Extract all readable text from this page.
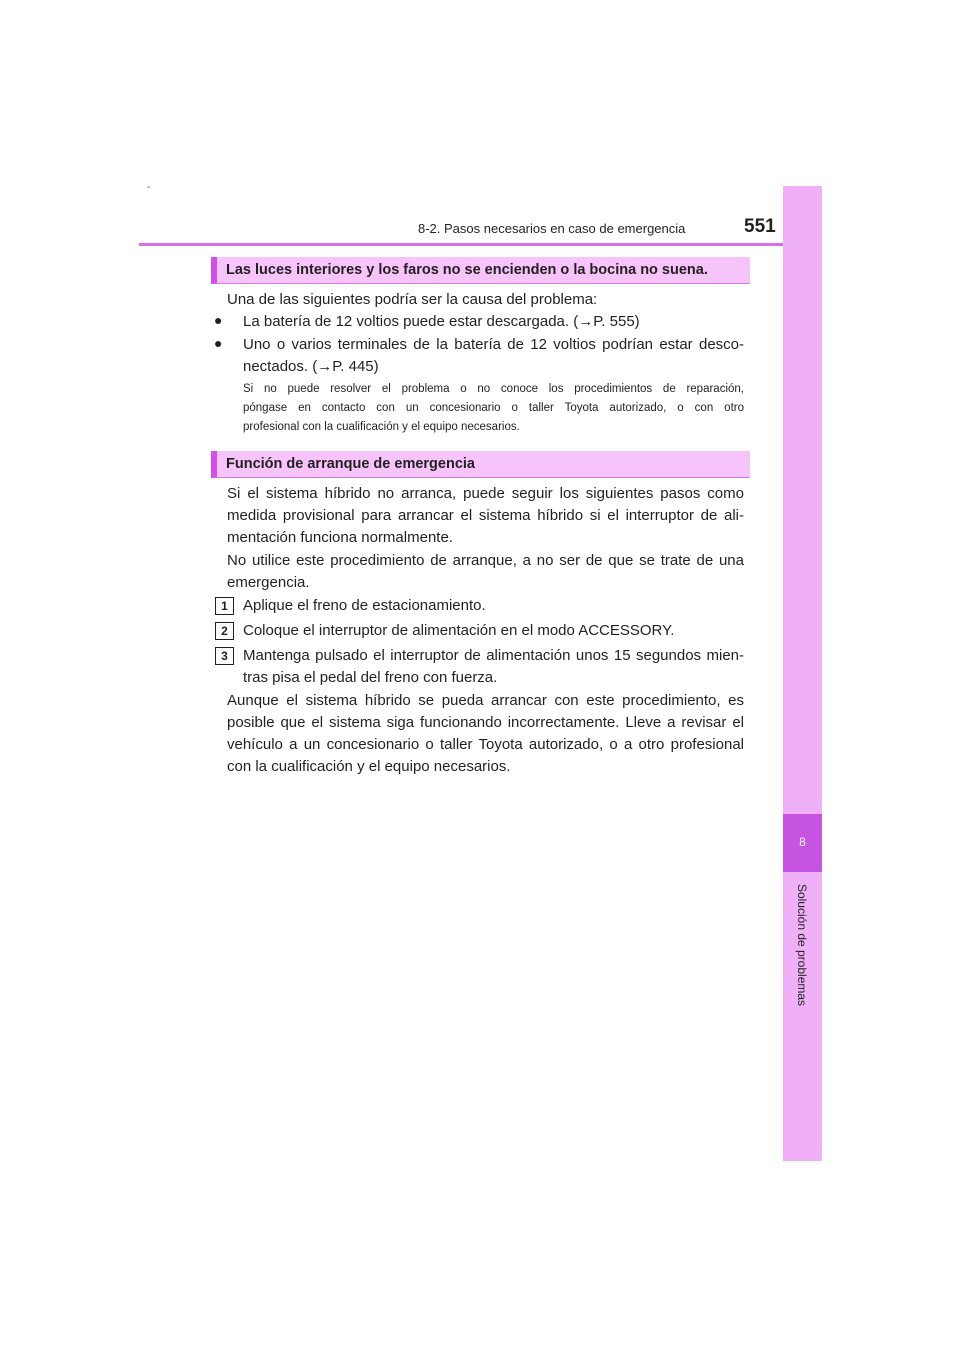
-
8-2. Pasos necesarios en caso de emergencia	551
8
Solución de problemas
Las luces interiores y los faros no se encienden o la bocina no suena.
Una de las siguientes podría ser la causa del problema:
● La batería de 12 voltios puede estar descargada. (→P. 555)
● Uno o varios terminales de la batería de 12 voltios podrían estar desco-
nectados. (→P. 445)
Si no puede resolver el problema o no conoce los procedimientos de reparación,
póngase en contacto con un concesionario o taller Toyota autorizado, o con otro
profesional con la cualificación y el equipo necesarios.
Función de arranque de emergencia
Si el sistema híbrido no arranca, puede seguir los siguientes pasos como
medida provisional para arrancar el sistema híbrido si el interruptor de ali-
mentación funciona normalmente.
No utilice este procedimiento de arranque, a no ser de que se trate de una
emergencia.
1	Aplique el freno de estacionamiento.
2	Coloque el interruptor de alimentación en el modo ACCESSORY.
3	Mantenga pulsado el interruptor de alimentación unos 15 segundos mien-
tras pisa el pedal del freno con fuerza.
Aunque el sistema híbrido se pueda arrancar con este procedimiento, es
posible que el sistema siga funcionando incorrectamente. Lleve a revisar el
vehículo a un concesionario o taller Toyota autorizado, o a otro profesional
con la cualificación y el equipo necesarios.
